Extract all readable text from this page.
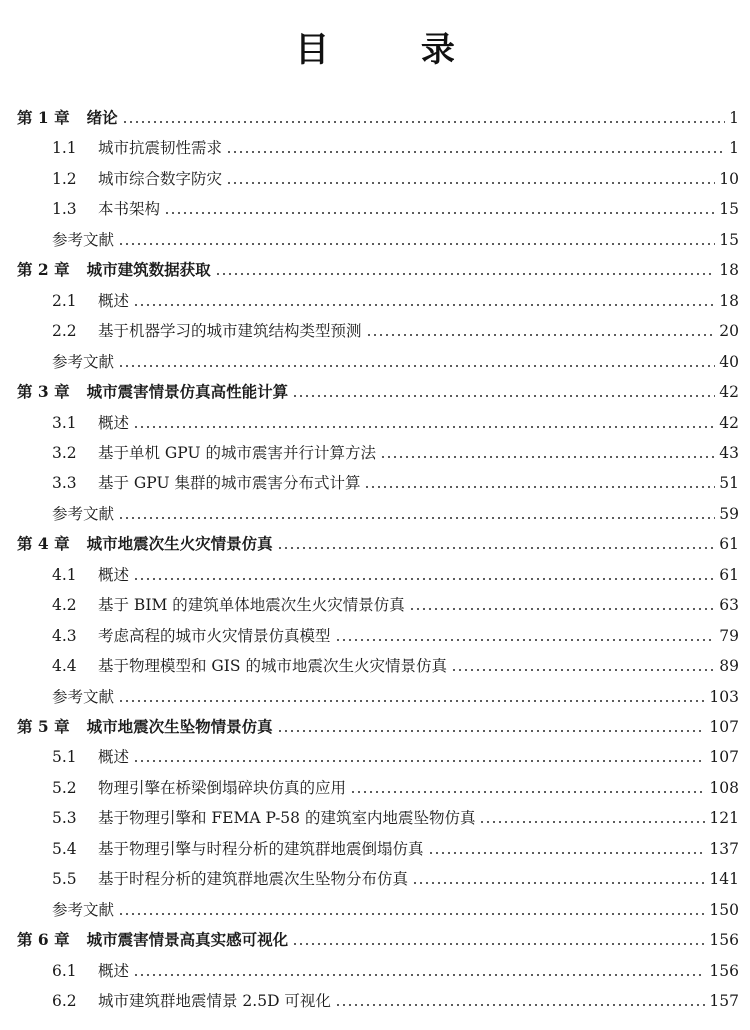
目 录
第 1 章 绪论	1
1.1	城市抗震韧性需求	1
1.2	城市综合数字防灾	10
1.3	本书架构	15
参考文献	15
第 2 章 城市建筑数据获取	18
2.1	概述	18
2.2	基于机器学习的城市建筑结构类型预测	20
参考文献	40
第 3 章 城市震害情景仿真高性能计算	42
3.1	概述	42
3.2	基于单机 GPU 的城市震害并行计算方法	43
3.3	基于 GPU 集群的城市震害分布式计算	51
参考文献	59
第 4 章 城市地震次生火灾情景仿真	61
4.1	概述	61
4.2	基于 BIM 的建筑单体地震次生火灾情景仿真	63
4.3	考虑高程的城市火灾情景仿真模型	79
4.4	基于物理模型和 GIS 的城市地震次生火灾情景仿真	89
参考文献	103
第 5 章 城市地震次生坠物情景仿真	107
5.1	概述	107
5.2	物理引擎在桥梁倒塌碎块仿真的应用	108
5.3	基于物理引擎和 FEMA P-58 的建筑室内地震坠物仿真	121
5.4	基于物理引擎与时程分析的建筑群地震倒塌仿真	137
5.5	基于时程分析的建筑群地震次生坠物分布仿真	141
参考文献	150
第 6 章 城市震害情景高真实感可视化	156
6.1	概述	156
6.2	城市建筑群地震情景 2.5D 可视化	157
